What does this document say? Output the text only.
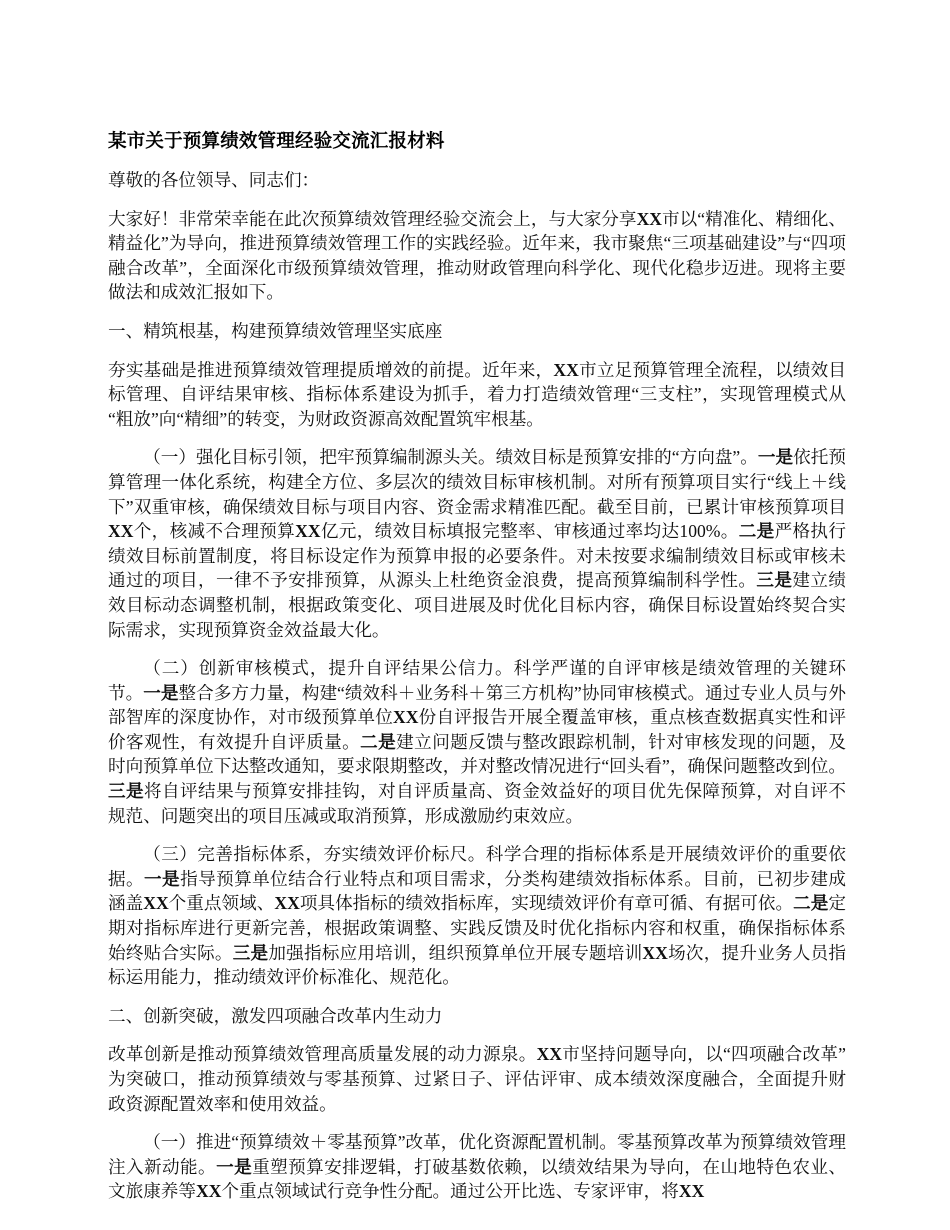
某市关于预算绩效管理经验交流汇报材料

尊敬的各位领导、同志们：

大家好！非常荣幸能在此次预算绩效管理经验交流会上，与大家分享XX市以“精准化、精细化、精益化”为导向，推进预算绩效管理工作的实践经验。近年来，我市聚焦“三项基础建设”与“四项融合改革”，全面深化市级预算绩效管理，推动财政管理向科学化、现代化稳步迈进。现将主要做法和成效汇报如下。

一、精筑根基，构建预算绩效管理坚实底座

夯实基础是推进预算绩效管理提质增效的前提。近年来，XX市立足预算管理全流程，以绩效目标管理、自评结果审核、指标体系建设为抓手，着力打造绩效管理“三支柱”，实现管理模式从“粗放”向“精细”的转变，为财政资源高效配置筑牢根基。

（一）强化目标引领，把牢预算编制源头关。绩效目标是预算安排的“方向盘”。一是依托预算管理一体化系统，构建全方位、多层次的绩效目标审核机制。对所有预算项目实行“线上＋线下”双重审核，确保绩效目标与项目内容、资金需求精准匹配。截至目前，已累计审核预算项目XX个，核减不合理预算XX亿元，绩效目标填报完整率、审核通过率均达100%。二是严格执行绩效目标前置制度，将目标设定作为预算申报的必要条件。对未按要求编制绩效目标或审核未通过的项目，一律不予安排预算，从源头上杜绝资金浪费，提高预算编制科学性。三是建立绩效目标动态调整机制，根据政策变化、项目进展及时优化目标内容，确保目标设置始终契合实际需求，实现预算资金效益最大化。

（二）创新审核模式，提升自评结果公信力。科学严谨的自评审核是绩效管理的关键环节。一是整合多方力量，构建“绩效科＋业务科＋第三方机构”协同审核模式。通过专业人员与外部智库的深度协作，对市级预算单位XX份自评报告开展全覆盖审核，重点核查数据真实性和评价客观性，有效提升自评质量。二是建立问题反馈与整改跟踪机制，针对审核发现的问题，及时向预算单位下达整改通知，要求限期整改，并对整改情况进行“回头看”，确保问题整改到位。三是将自评结果与预算安排挂钩，对自评质量高、资金效益好的项目优先保障预算，对自评不规范、问题突出的项目压减或取消预算，形成激励约束效应。

（三）完善指标体系，夯实绩效评价标尺。科学合理的指标体系是开展绩效评价的重要依据。一是指导预算单位结合行业特点和项目需求，分类构建绩效指标体系。目前，已初步建成涵盖XX个重点领域、XX项具体指标的绩效指标库，实现绩效评价有章可循、有据可依。二是定期对指标库进行更新完善，根据政策调整、实践反馈及时优化指标内容和权重，确保指标体系始终贴合实际。三是加强指标应用培训，组织预算单位开展专题培训XX场次，提升业务人员指标运用能力，推动绩效评价标准化、规范化。

二、创新突破，激发四项融合改革内生动力

改革创新是推动预算绩效管理高质量发展的动力源泉。XX市坚持问题导向，以“四项融合改革”为突破口，推动预算绩效与零基预算、过紧日子、评估评审、成本绩效深度融合，全面提升财政资源配置效率和使用效益。

（一）推进“预算绩效＋零基预算”改革，优化资源配置机制。零基预算改革为预算绩效管理注入新动能。一是重塑预算安排逻辑，打破基数依赖，以绩效结果为导向，在山地特色农业、文旅康养等XX个重点领域试行竞争性分配。通过公开比选、专家评审，将XX
